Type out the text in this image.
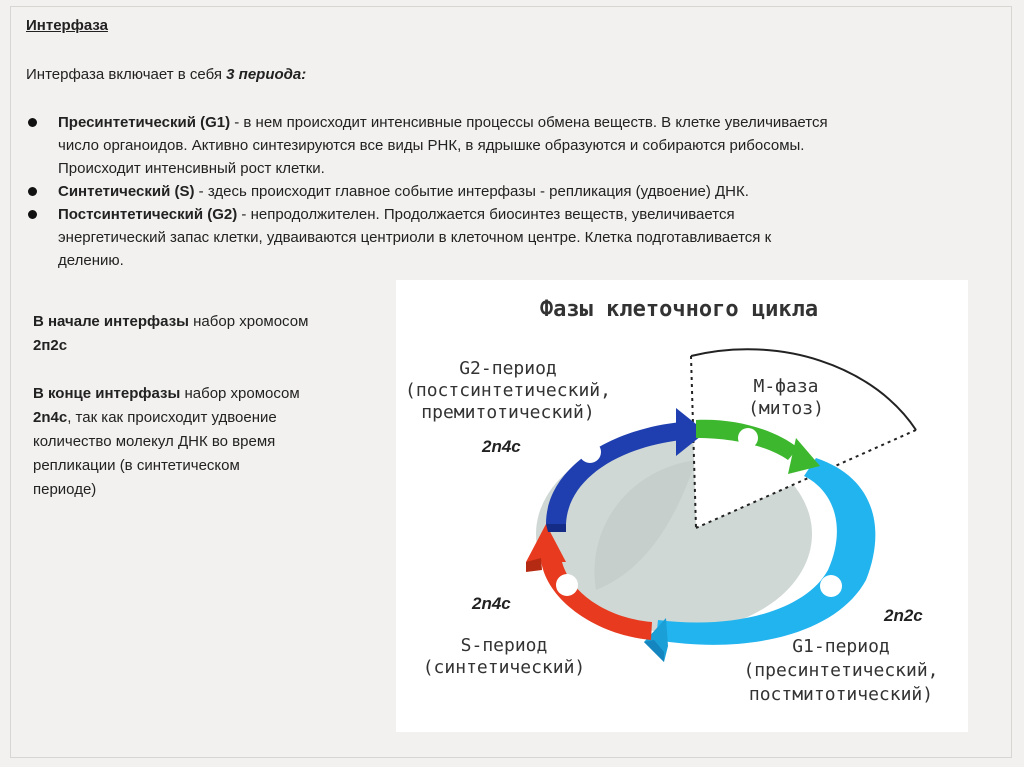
Интерфаза
Интерфаза включает в себя 3 периода:
Пресинтетический (G1) - в нем происходит интенсивные процессы обмена веществ. В клетке увеличивается
число органоидов. Активно синтезируются все виды РНК, в ядрышке образуются и собираются рибосомы.
Происходит интенсивный рост клетки.
Синтетический (S) - здесь происходит главное событие интерфазы - репликация (удвоение) ДНК.
Постсинтетический (G2) - непродолжителен. Продолжается биосинтез веществ, увеличивается
энергетический запас клетки, удваиваются центриоли в клеточном центре. Клетка подготавливается к
делению.

В начале интерфазы набор хромосом
2п2с

В конце интерфазы набор хромосом
2n4c, так как происходит удвоение
количество молекул ДНК во время
репликации (в синтетическом
периоде)

Фазы клеточного цикла
G2-период
(постсинтетический,
премитотический)
М-фаза
(митоз)
S-период
(синтетический)
G1-период
(пресинтетический,
постмитотический)
2n4c
2n4c
2n2c
